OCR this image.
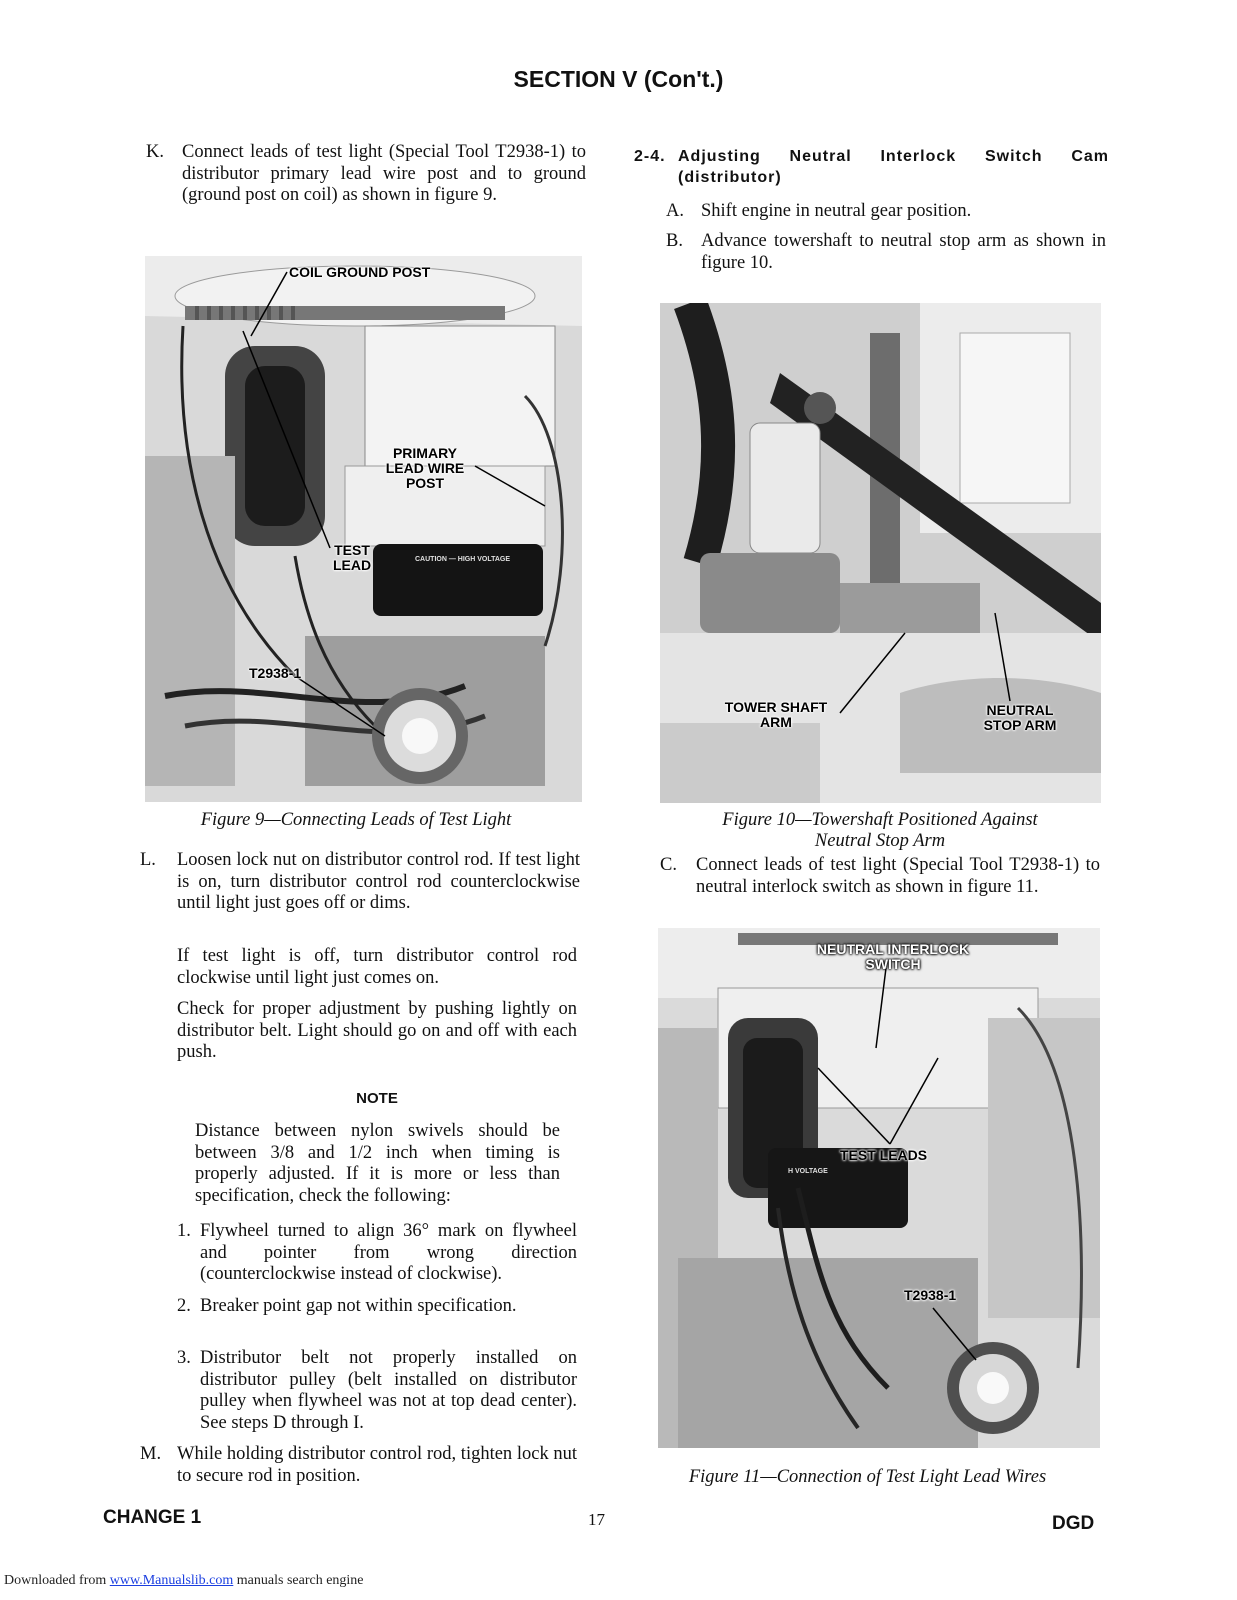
SECTION V (Con't.)
K. Connect leads of test light (Special Tool T2938-1) to distributor primary lead wire post and to ground (ground post on coil) as shown in figure 9.
CAUTION — HIGH VOLTAGE
COIL GROUND POST
PRIMARY LEAD WIRE POST
TEST LEAD
T2938-1
Figure 9—Connecting Leads of Test Light
L.	Loosen lock nut on distributor control rod. If test light is on, turn distributor control rod counterclockwise until light just goes off or dims.
If test light is off, turn distributor control rod clockwise until light just comes on.
Check for proper adjustment by pushing lightly on distributor belt. Light should go on and off with each push.
NOTE
Distance between nylon swivels should be between 3/8 and 1/2 inch when timing is properly adjusted. If it is more or less than specification, check the following:
1. Flywheel turned to align 36° mark on flywheel and pointer from wrong direction (counterclockwise instead of clockwise).
2. Breaker point gap not within specification.
3. Distributor belt not properly installed on distributor pulley (belt installed on distributor pulley when flywheel was not at top dead center). See steps D through I.
M. While holding distributor control rod, tighten lock nut to secure rod in position.
2-4. Adjusting Neutral Interlock Switch Cam (distributor)
A. Shift engine in neutral gear position.
B. Advance towershaft to neutral stop arm as shown in figure 10.
TOWER SHAFT ARM
NEUTRAL STOP ARM
Figure 10—Towershaft Positioned Against
Neutral Stop Arm
C.	Connect leads of test light (Special Tool T2938-1) to neutral interlock switch as shown in figure 11.
H VOLTAGE
NEUTRAL INTERLOCK SWITCH
TEST LEADS
T2938-1
Figure 11—Connection of Test Light Lead Wires
CHANGE 1	17	DGD
Downloaded from www.Manualslib.com manuals search engine
